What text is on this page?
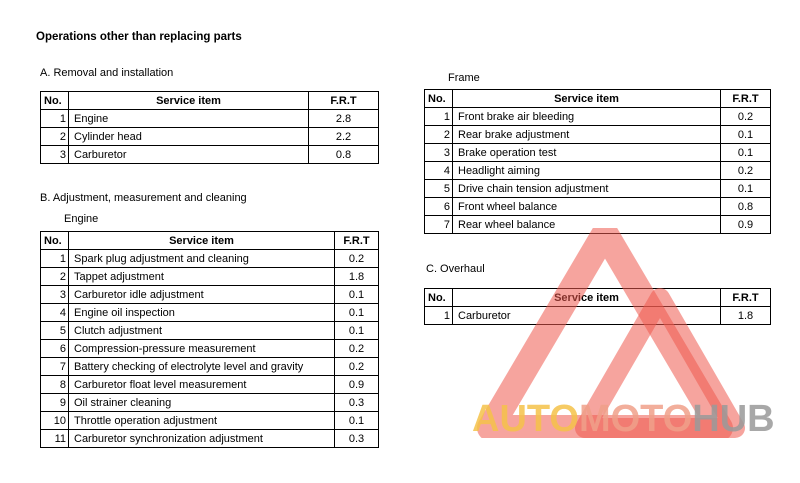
Operations other than replacing parts
A. Removal and installation
No.	Service item	F.R.T
1	Engine	2.8
2	Cylinder head	2.2
3	Carburetor	0.8
B. Adjustment, measurement and cleaning
Engine
No.	Service item	F.R.T
1	Spark plug adjustment and cleaning	0.2
2	Tappet adjustment	1.8
3	Carburetor idle adjustment	0.1
4	Engine oil inspection	0.1
5	Clutch adjustment	0.1
6	Compression-pressure measurement	0.2
7	Battery checking of electrolyte level and gravity	0.2
8	Carburetor float level measurement	0.9
9	Oil strainer cleaning	0.3
10	Throttle operation adjustment	0.1
11	Carburetor synchronization adjustment	0.3
Frame
No.	Service item	F.R.T
1	Front brake air bleeding	0.2
2	Rear brake adjustment	0.1
3	Brake operation test	0.1
4	Headlight aiming	0.2
5	Drive chain tension adjustment	0.1
6	Front wheel balance	0.8
7	Rear wheel balance	0.9
C. Overhaul
No.	Service item	F.R.T
1	Carburetor	1.8
AUTOMOTOHUB
